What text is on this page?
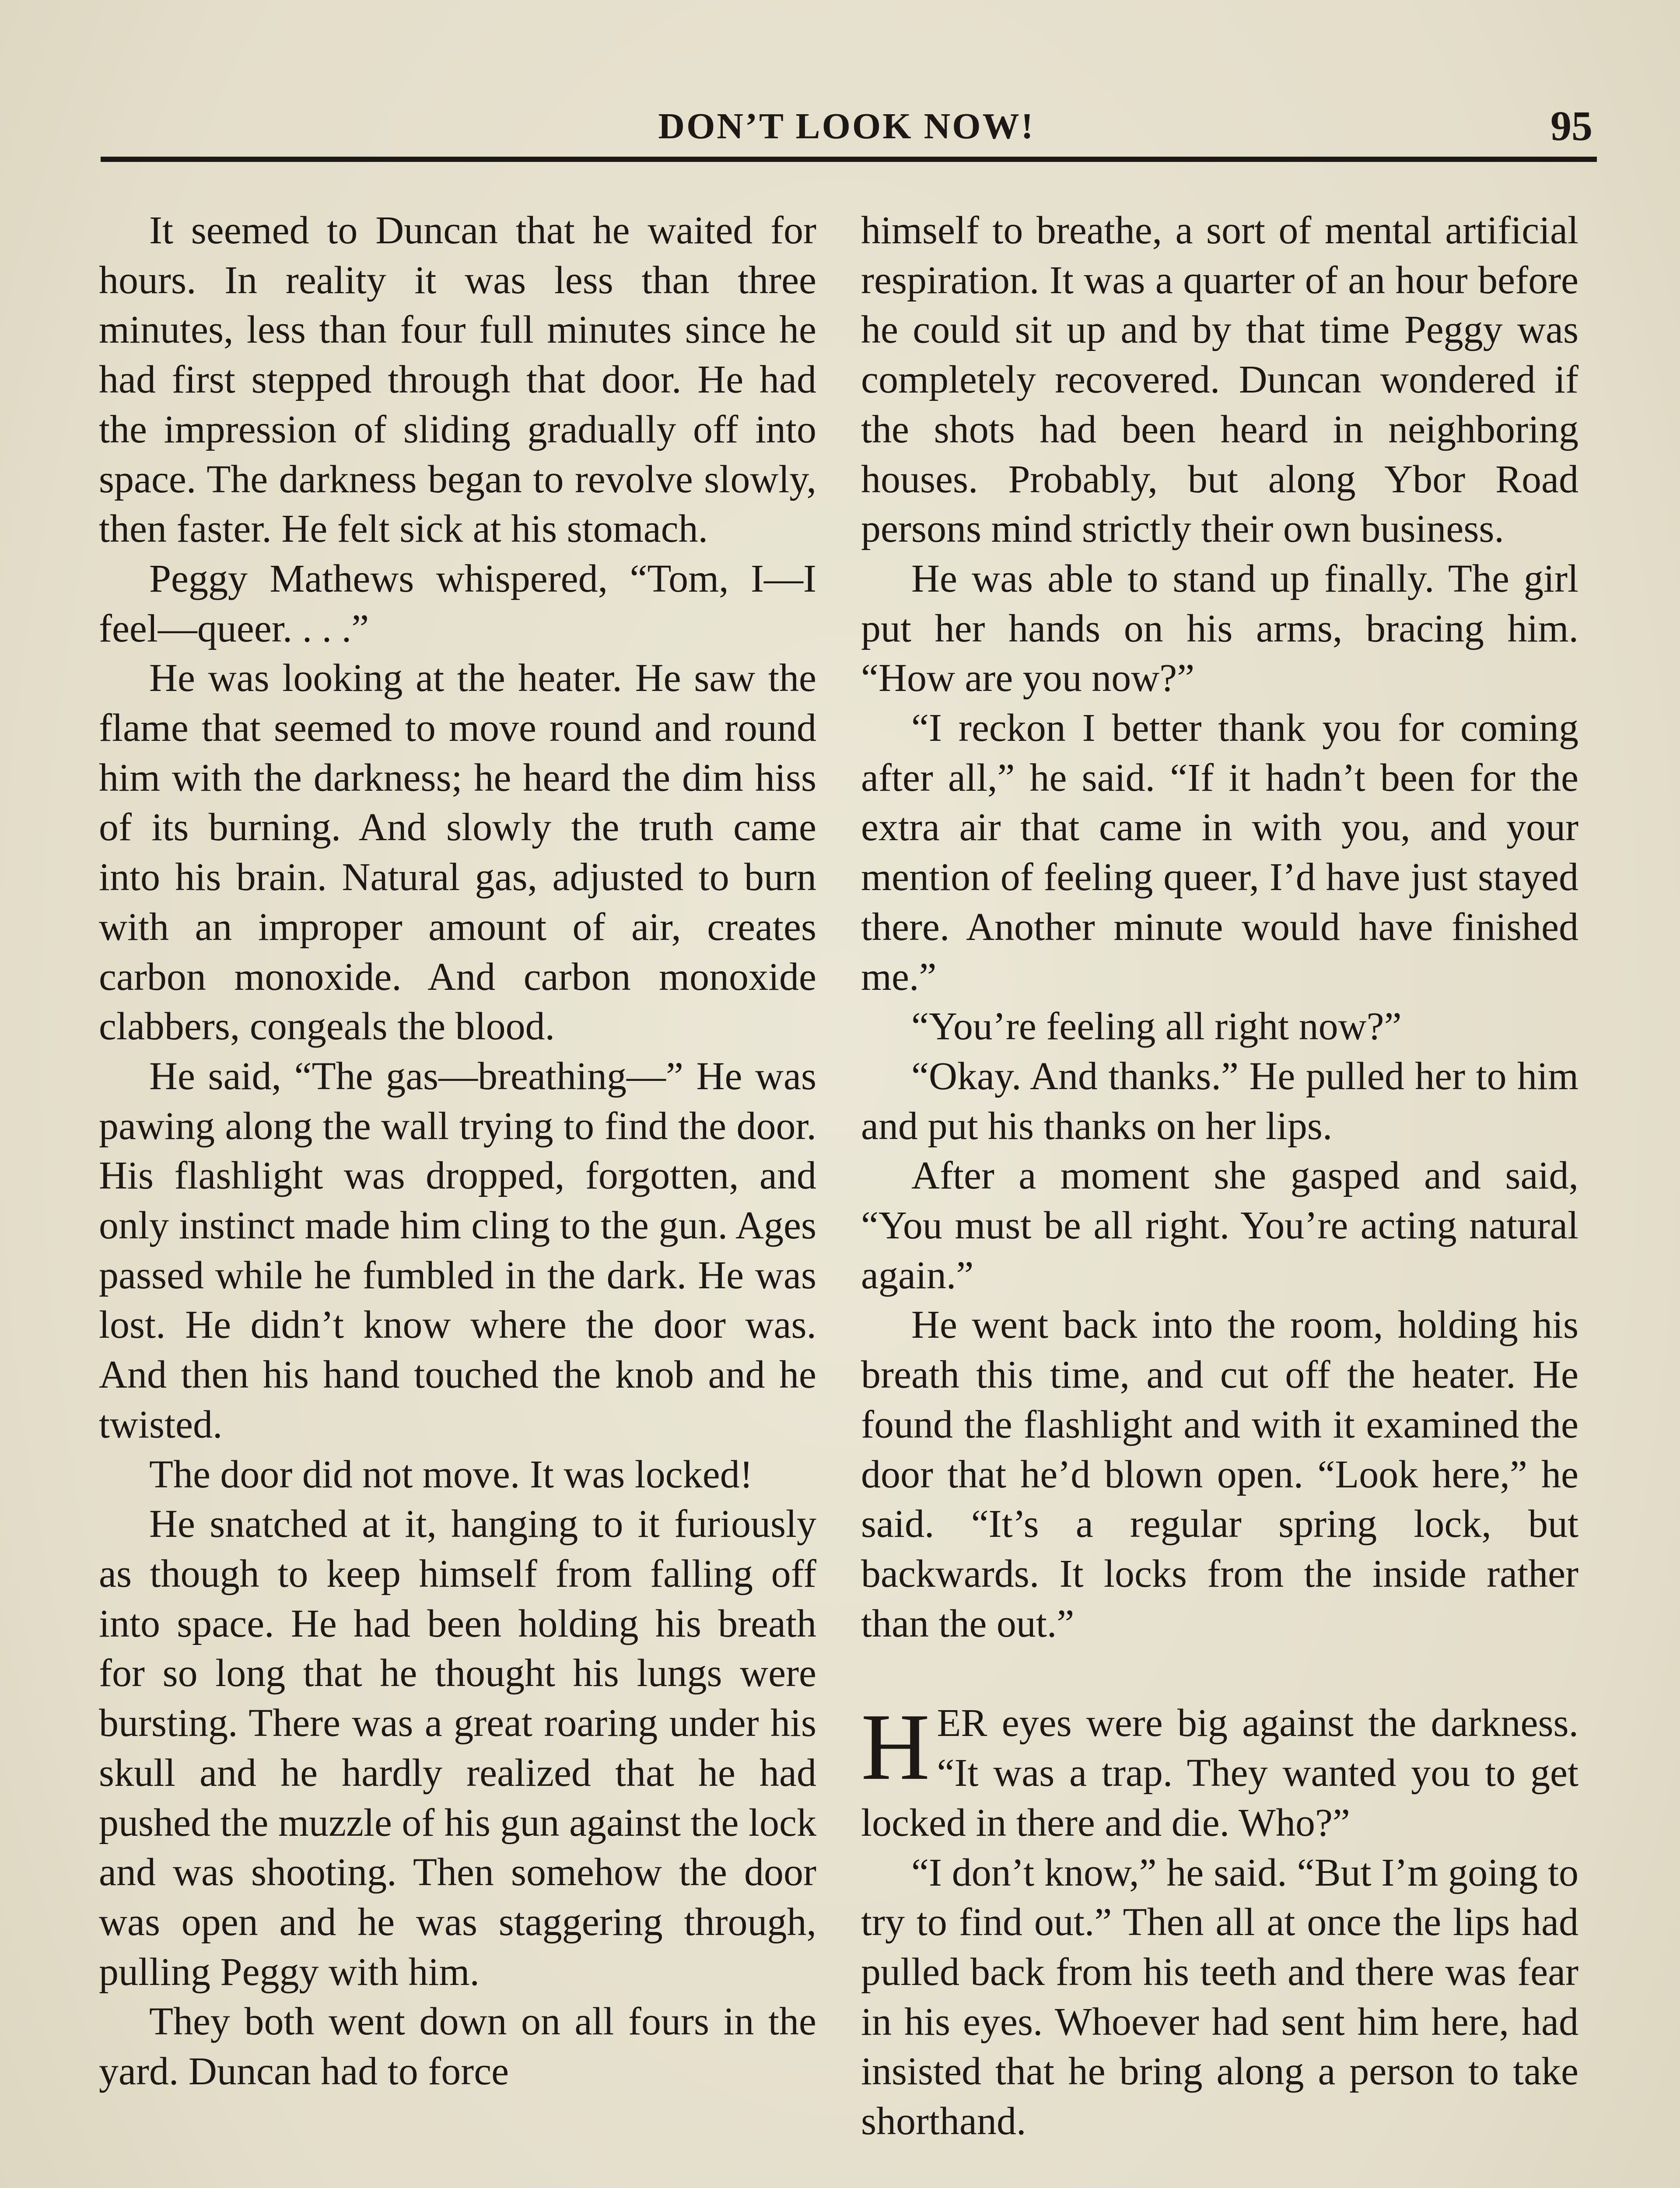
DON’T LOOK NOW!	95

It seemed to Duncan that he waited for hours. In reality it was less than three minutes, less than four full minutes since he had first stepped through that door. He had the impression of sliding gradually off into space. The darkness began to revolve slowly, then faster. He felt sick at his stomach.

Peggy Mathews whispered, “Tom, I—I feel—queer. . . .”

He was looking at the heater. He saw the flame that seemed to move round and round him with the darkness; he heard the dim hiss of its burning. And slowly the truth came into his brain. Natural gas, adjusted to burn with an improper amount of air, creates carbon monoxide. And carbon monoxide clabbers, congeals the blood.

He said, “The gas—breathing—” He was pawing along the wall trying to find the door. His flashlight was dropped, forgotten, and only instinct made him cling to the gun. Ages passed while he fumbled in the dark. He was lost. He didn’t know where the door was. And then his hand touched the knob and he twisted.

The door did not move. It was locked!

He snatched at it, hanging to it furiously as though to keep himself from falling off into space. He had been holding his breath for so long that he thought his lungs were bursting. There was a great roaring under his skull and he hardly realized that he had pushed the muzzle of his gun against the lock and was shooting. Then somehow the door was open and he was staggering through, pulling Peggy with him.

They both went down on all fours in the yard. Duncan had to force

himself to breathe, a sort of mental artificial respiration. It was a quarter of an hour before he could sit up and by that time Peggy was completely recovered. Duncan wondered if the shots had been heard in neighboring houses. Probably, but along Ybor Road persons mind strictly their own business.

He was able to stand up finally. The girl put her hands on his arms, bracing him. “How are you now?”

“I reckon I better thank you for coming after all,” he said. “If it hadn’t been for the extra air that came in with you, and your mention of feeling queer, I’d have just stayed there. Another minute would have finished me.”

“You’re feeling all right now?”

“Okay. And thanks.” He pulled her to him and put his thanks on her lips.

After a moment she gasped and said, “You must be all right. You’re acting natural again.”

He went back into the room, holding his breath this time, and cut off the heater. He found the flashlight and with it examined the door that he’d blown open. “Look here,” he said. “It’s a regular spring lock, but backwards. It locks from the inside rather than the out.”

HER eyes were big against the darkness. “It was a trap. They wanted you to get locked in there and die. Who?”

“I don’t know,” he said. “But I’m going to try to find out.” Then all at once the lips had pulled back from his teeth and there was fear in his eyes. Whoever had sent him here, had insisted that he bring along a person to take shorthand.
